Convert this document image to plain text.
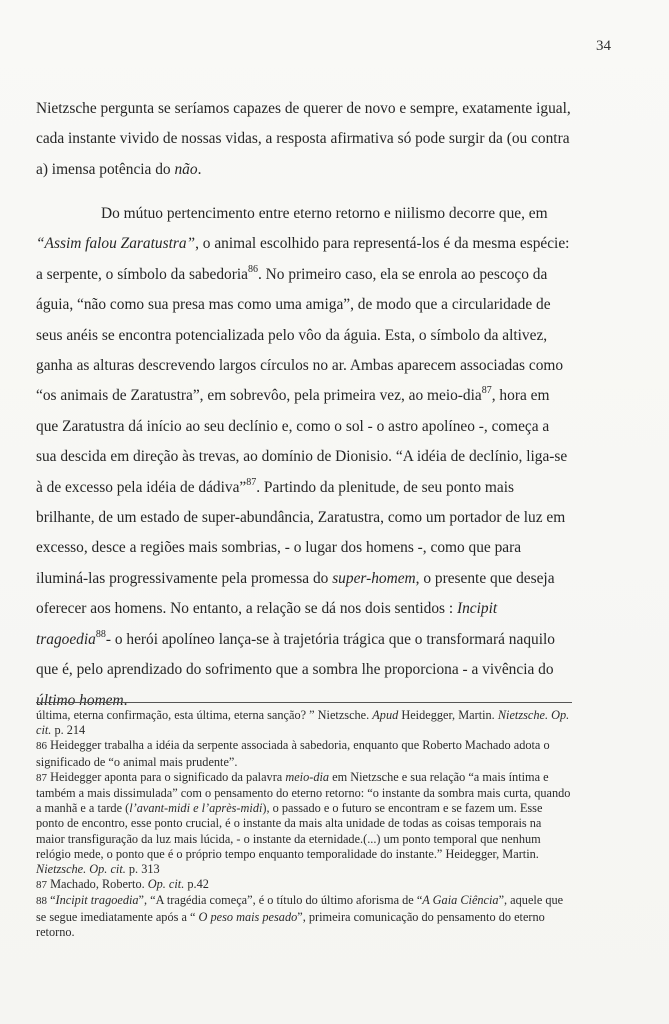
34

Nietzsche pergunta se seríamos capazes de querer de novo e sempre, exatamente igual, cada instante vivido de nossas vidas, a resposta afirmativa só pode surgir da (ou contra a) imensa potência do não.

Do mútuo pertencimento entre eterno retorno e niilismo decorre que, em “Assim falou Zaratustra”, o animal escolhido para representá-los é da mesma espécie: a serpente, o símbolo da sabedoria$^{86}$. No primeiro caso, ela se enrola ao pescoço da águia, “não como sua presa mas como uma amiga”, de modo que a circularidade de seus anéis se encontra potencializada pelo vôo da águia. Esta, o símbolo da altivez, ganha as alturas descrevendo largos círculos no ar. Ambas aparecem associadas como “os animais de Zaratustra”, em sobrevôo, pela primeira vez, ao meio-dia$^{87}$, hora em que Zaratustra dá início ao seu declínio e, como o sol - o astro apolíneo -, começa a sua descida em direção às trevas, ao domínio de Dionisio. “A idéia de declínio, liga-se à de excesso pela idéia de dádiva”$^{87}$. Partindo da plenitude, de seu ponto mais brilhante, de um estado de super-abundância, Zaratustra, como um portador de luz em excesso, desce a regiões mais sombrias, - o lugar dos homens -, como que para iluminá-las progressivamente pela promessa do super-homem, o presente que deseja oferecer aos homens. No entanto, a relação se dá nos dois sentidos : Incipit tragoedia$^{88}$- o herói apolíneo lança-se à trajetória trágica que o transformará naquilo que é, pelo aprendizado do sofrimento que a sombra lhe proporciona - a vivência do último homem.

última, eterna confirmação, esta última, eterna sanção? ” Nietzsche. Apud Heidegger, Martin. Nietzsche. Op. cit. p. 214

86 Heidegger trabalha a idéia da serpente associada à sabedoria, enquanto que Roberto Machado adota o significado de “o animal mais prudente”.

87 Heidegger aponta para o significado da palavra meio-dia em Nietzsche e sua relação “a mais íntima e também a mais dissimulada” com o pensamento do eterno retorno: “o instante da sombra mais curta, quando a manhã e a tarde (l’avant-midi e l’après-midi), o passado e o futuro se encontram e se fazem um. Esse ponto de encontro, esse ponto crucial, é o instante da mais alta unidade de todas as coisas temporais na maior transfiguração da luz mais lúcida, - o instante da eternidade.(...) um ponto temporal que nenhum relógio mede, o ponto que é o próprio tempo enquanto temporalidade do instante.” Heidegger, Martin. Nietzsche. Op. cit. p. 313

87 Machado, Roberto. Op. cit. p.42

88 “Incipit tragoedia”, “A tragédia começa”, é o título do último aforisma de “A Gaia Ciência”, aquele que se segue imediatamente após a “ O peso mais pesado”, primeira comunicação do pensamento do eterno retorno.
